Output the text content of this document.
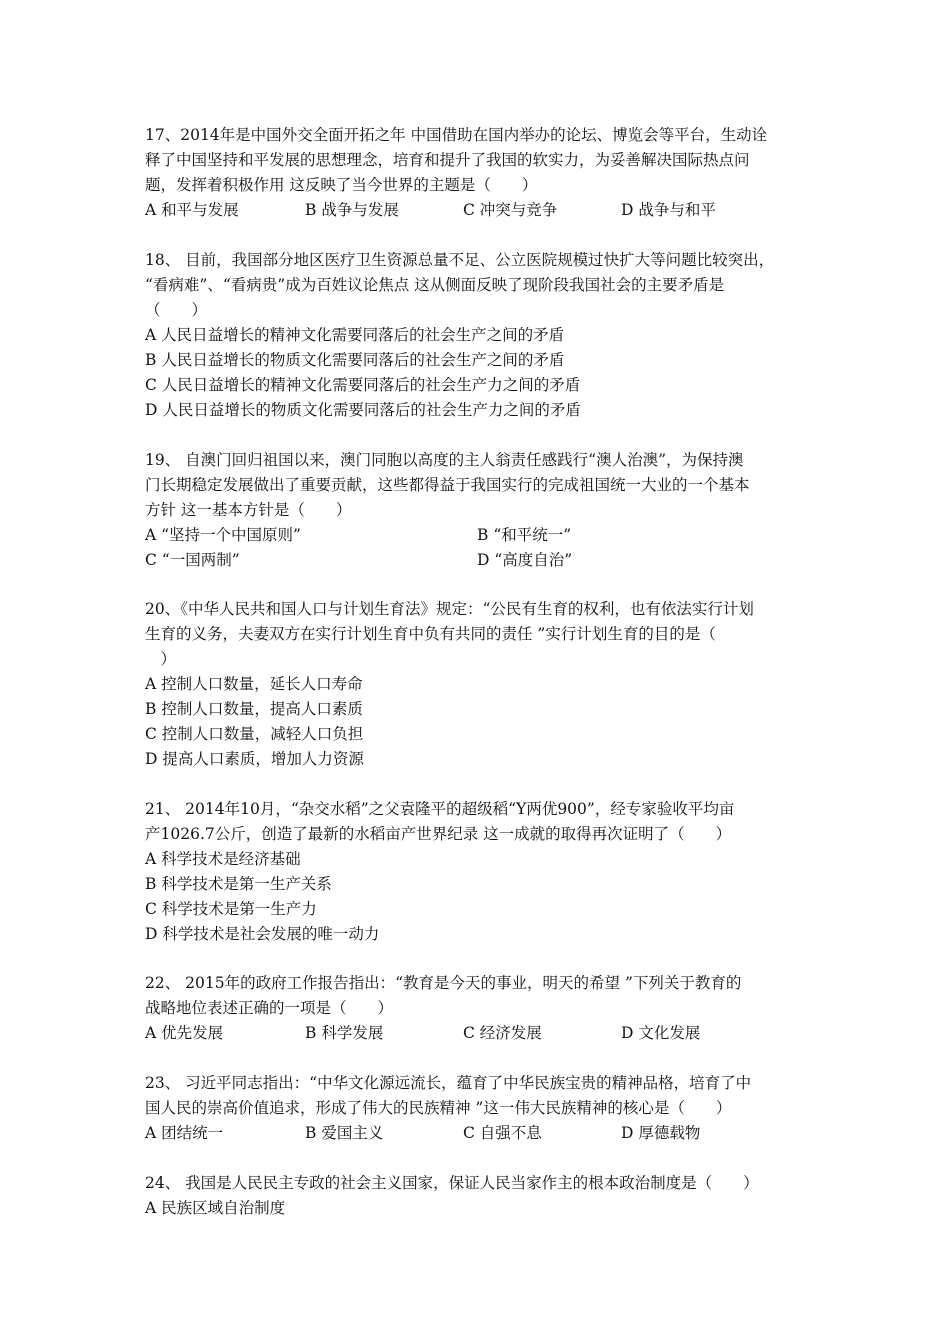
17、2014年是中国外交全面开拓之年 中国借助在国内举办的论坛、博览会等平台，生动诠
释了中国坚持和平发展的思想理念，培育和提升了我国的软实力，为妥善解决国际热点问
题，发挥着积极作用 这反映了当今世界的主题是（　　）
A 和平与发展	B 战争与发展	C 冲突与竞争	D 战争与和平
18、 目前，我国部分地区医疗卫生资源总量不足、公立医院规模过快扩大等问题比较突出，
“看病难”、“看病贵”成为百姓议论焦点 这从侧面反映了现阶段我国社会的主要矛盾是
（　　）
A 人民日益增长的精神文化需要同落后的社会生产之间的矛盾
B 人民日益增长的物质文化需要同落后的社会生产之间的矛盾
C 人民日益增长的精神文化需要同落后的社会生产力之间的矛盾
D 人民日益增长的物质文化需要同落后的社会生产力之间的矛盾
19、 自澳门回归祖国以来，澳门同胞以高度的主人翁责任感践行“澳人治澳”，为保持澳
门长期稳定发展做出了重要贡献，这些都得益于我国实行的完成祖国统一大业的一个基本
方针 这一基本方针是（　　）
A “坚持一个中国原则”	B “和平统一”
C “一国两制”	D “高度自治”
20、《中华人民共和国人口与计划生育法》规定：“公民有生育的权利，也有依法实行计划
生育的义务，夫妻双方在实行计划生育中负有共同的责任 ”实行计划生育的目的是（
　）
A 控制人口数量，延长人口寿命
B 控制人口数量，提高人口素质
C 控制人口数量，减轻人口负担
D 提高人口素质，增加人力资源
21、 2014年10月，“杂交水稻”之父袁隆平的超级稻“Y两优900”，经专家验收平均亩
产1026.7公斤，创造了最新的水稻亩产世界纪录 这一成就的取得再次证明了（　　）
A 科学技术是经济基础
B 科学技术是第一生产关系
C 科学技术是第一生产力
D 科学技术是社会发展的唯一动力
22、 2015年的政府工作报告指出：“教育是今天的事业，明天的希望 ”下列关于教育的
战略地位表述正确的一项是（　　）
A 优先发展	B 科学发展	C 经济发展	D 文化发展
23、 习近平同志指出：“中华文化源远流长，蕴育了中华民族宝贵的精神品格，培育了中
国人民的崇高价值追求，形成了伟大的民族精神 ”这一伟大民族精神的核心是（　　）
A 团结统一	B 爱国主义	C 自强不息	D 厚德载物
24、 我国是人民民主专政的社会主义国家，保证人民当家作主的根本政治制度是（　　）
A 民族区域自治制度
